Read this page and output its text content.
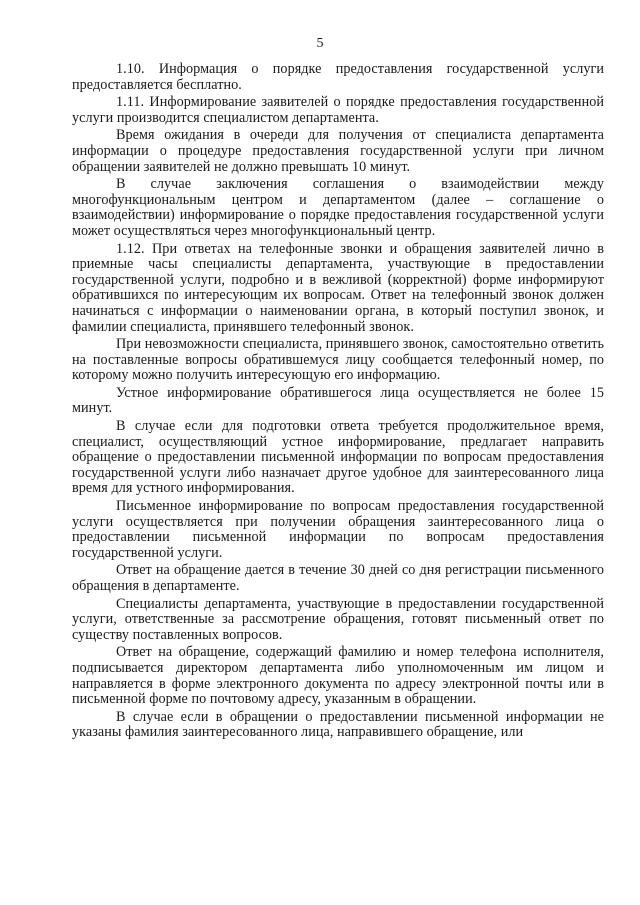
5

1.10. Информация о порядке предоставления государственной услуги предоставляется бесплатно.

1.11. Информирование заявителей о порядке предоставления государственной услуги производится специалистом департамента.

Время ожидания в очереди для получения от специалиста департамента информации о процедуре предоставления государственной услуги при личном обращении заявителей не должно превышать 10 минут.

В случае заключения соглашения о взаимодействии между многофункциональным центром и департаментом (далее – соглашение о взаимодействии) информирование о порядке предоставления государственной услуги может осуществляться через многофункциональный центр.

1.12. При ответах на телефонные звонки и обращения заявителей лично в приемные часы специалисты департамента, участвующие в предоставлении государственной услуги, подробно и в вежливой (корректной) форме информируют обратившихся по интересующим их вопросам. Ответ на телефонный звонок должен начинаться с информации о наименовании органа, в который поступил звонок, и фамилии специалиста, принявшего телефонный звонок.

При невозможности специалиста, принявшего звонок, самостоятельно ответить на поставленные вопросы обратившемуся лицу сообщается телефонный номер, по которому можно получить интересующую его информацию.

Устное информирование обратившегося лица осуществляется не более 15 минут.

В случае если для подготовки ответа требуется продолжительное время, специалист, осуществляющий устное информирование, предлагает направить обращение о предоставлении письменной информации по вопросам предоставления государственной услуги либо назначает другое удобное для заинтересованного лица время для устного информирования.

Письменное информирование по вопросам предоставления государственной услуги осуществляется при получении обращения заинтересованного лица о предоставлении письменной информации по вопросам предоставления государственной услуги.

Ответ на обращение дается в течение 30 дней со дня регистрации письменного обращения в департаменте.

Специалисты департамента, участвующие в предоставлении государственной услуги, ответственные за рассмотрение обращения, готовят письменный ответ по существу поставленных вопросов.

Ответ на обращение, содержащий фамилию и номер телефона исполнителя, подписывается директором департамента либо уполномоченным им лицом и направляется в форме электронного документа по адресу электронной почты или в письменной форме по почтовому адресу, указанным в обращении.

В случае если в обращении о предоставлении письменной информации не указаны фамилия заинтересованного лица, направившего обращение, или
